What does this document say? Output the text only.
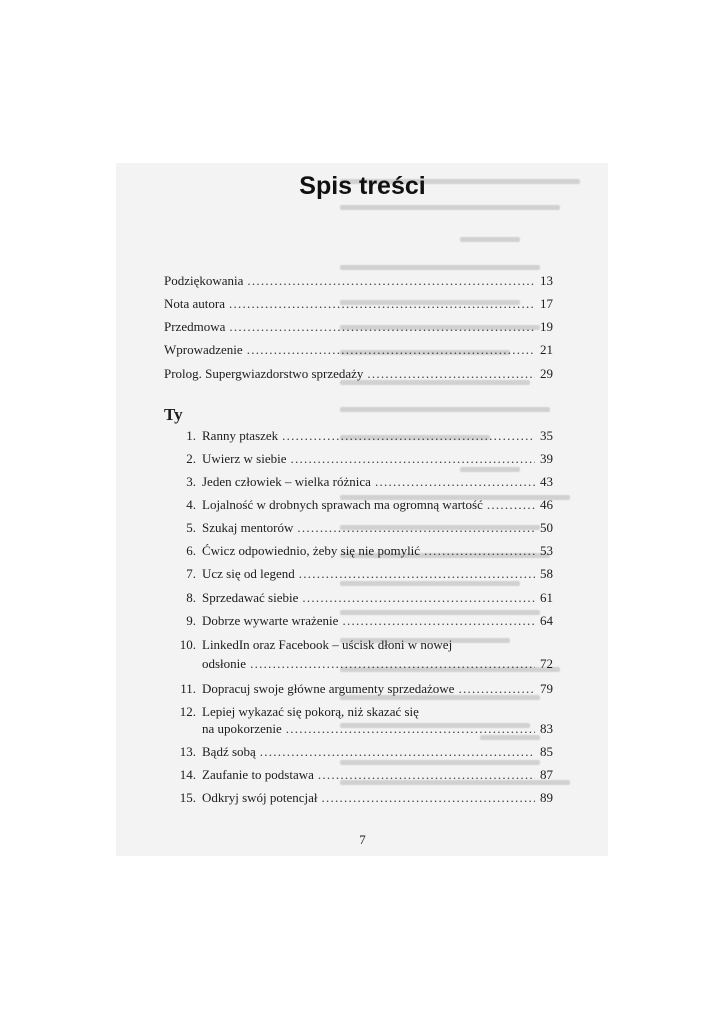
Spis treści
Podziękowania . . .	13
Nota autora . . .	17
Przedmowa . . .	19
Wprowadzenie . . .	21
Prolog. Supergwiazdorstwo sprzedaży . . .	29
Ty
1. Ranny ptaszek . . .	35
2. Uwierz w siebie . . .	39
3. Jeden człowiek – wielka różnica . . .	43
4. Lojalność w drobnych sprawach ma ogromną wartość . . .	46
5. Szukaj mentorów . . .	50
6. Ćwicz odpowiednio, żeby się nie pomylić . . .	53
7. Ucz się od legend . . .	58
8. Sprzedawać siebie . . .	61
9. Dobrze wywarte wrażenie . . .	64
10. LinkedIn oraz Facebook – uścisk dłoni w nowej
odsłonie . . .	72
11. Dopracuj swoje główne argumenty sprzedażowe . . .	79
12. Lepiej wykazać się pokorą, niż skazać się
na upokorzenie . . .	83
13. Bądź sobą . . .	85
14. Zaufanie to podstawa . . .	87
15. Odkryj swój potencjał . . .	89
7
